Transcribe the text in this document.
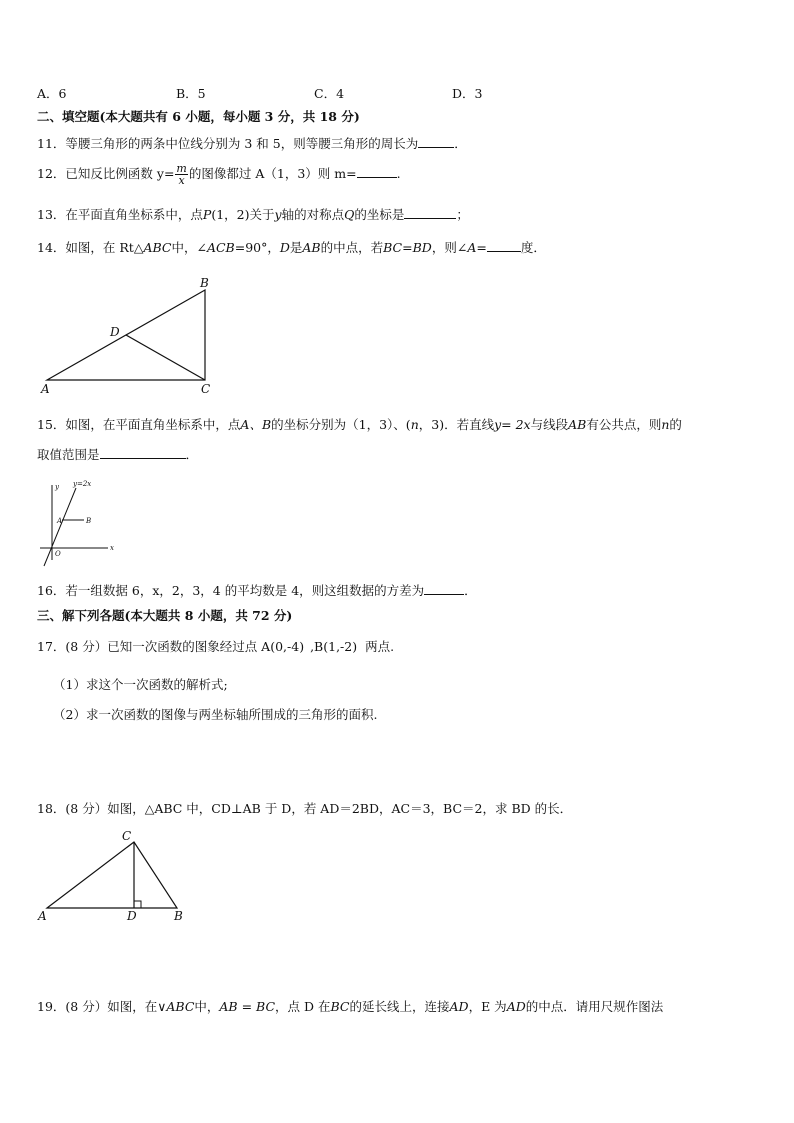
A．6	B．5	C．4	D．3
二、填空题(本大题共有 6 小题，每小题 3 分，共 18 分)
11．等腰三角形的两条中位线分别为 3 和 5，则等腰三角形的周长为	．
12．已知反比例函数 $y= \frac{m}{x}$ 的图像都过 A（1，3）则 m=	.
13．在平面直角坐标系中，点P(1，2)关于y轴的对称点Q的坐标是	；
14．如图，在 Rt△ABC中，∠ACB=90°，D是AB的中点，若BC=BD，则∠A=	度．
A
B
C
D
15．如图，在平面直角坐标系中，点A、B的坐标分别为（1，3）、(n，3)．若直线y= 2x与线段AB有公共点，则n的
取值范围是	．
y y=2x
A	B
O
x
16．若一组数据 6，x，2，3，4 的平均数是 4，则这组数据的方差为	．
三、解下列各题(本大题共 8 小题，共 72 分)
17．(8 分）已知一次函数的图象经过点 A(0,-4) ,B(1,-2) 两点.
（1）求这个一次函数的解析式;
（2）求一次函数的图像与两坐标轴所围成的三角形的面积.
18．(8 分）如图，△ABC 中，CD⊥AB 于 D，若 AD＝2BD，AC＝3，BC＝2，求 BD 的长．
A	B
C
D
19．(8 分）如图，在∨ABC中，AB = BC，点 D 在BC的延长线上，连接AD，E 为AD的中点．请用尺规作图法
